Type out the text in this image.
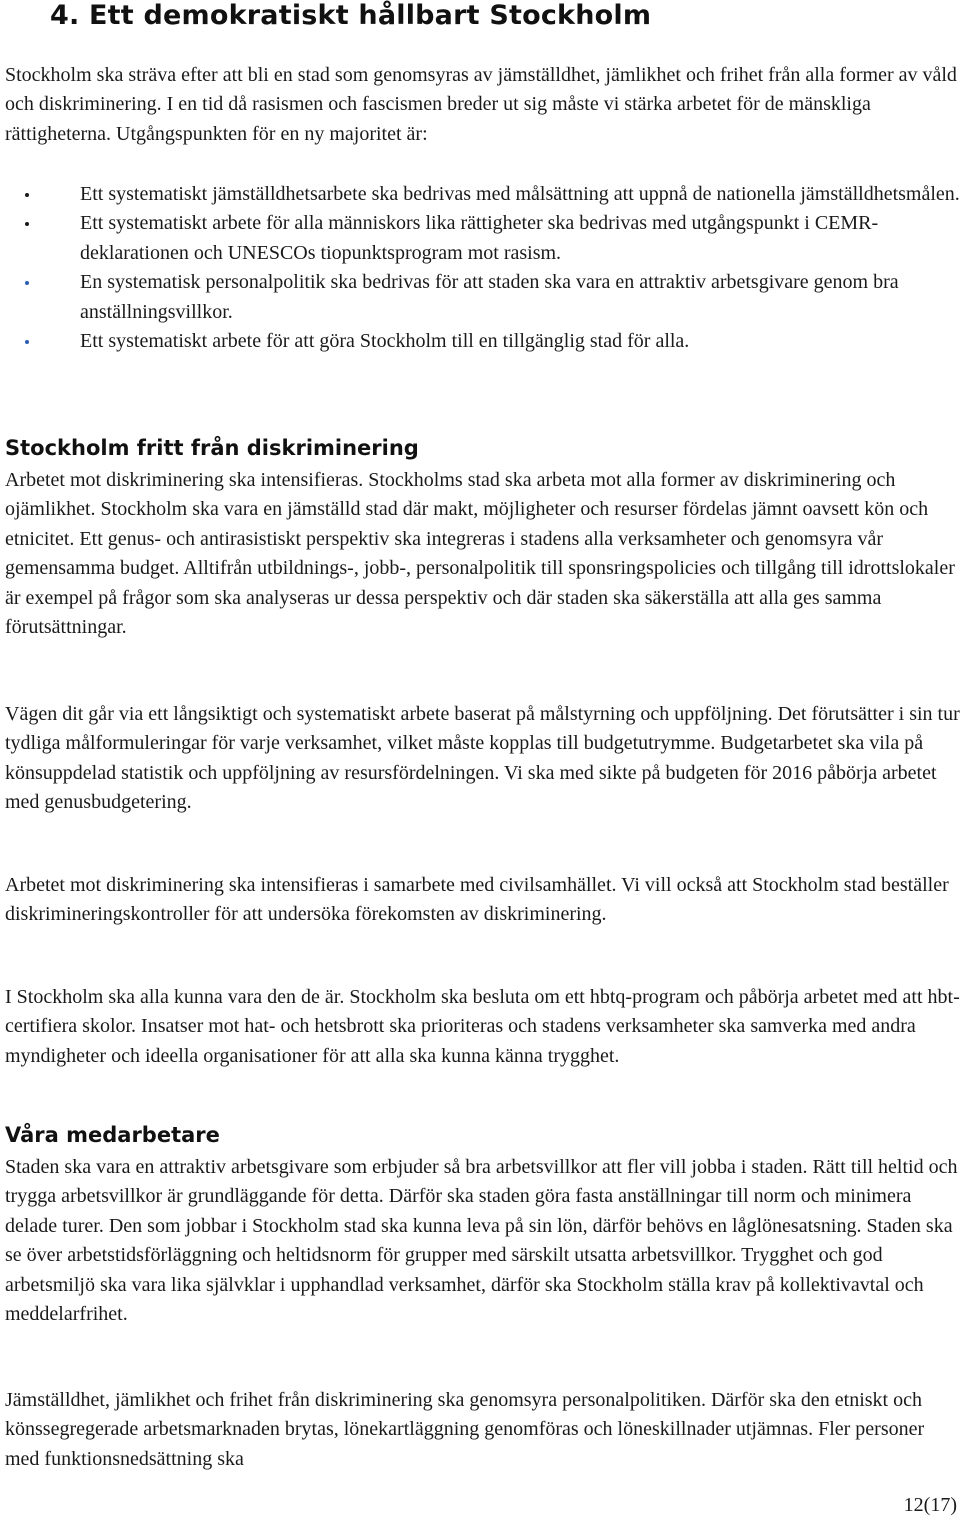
4. Ett demokratiskt hållbart Stockholm

Stockholm ska sträva efter att bli en stad som genomsyras av jämställdhet, jämlikhet och frihet från alla former av våld och diskriminering. I en tid då rasismen och fascismen breder ut sig måste vi stärka arbetet för de mänskliga rättigheterna. Utgångspunkten för en ny majoritet är:

Ett systematiskt jämställdhetsarbete ska bedrivas med målsättning att uppnå de nationella jämställdhetsmålen.
Ett systematiskt arbete för alla människors lika rättigheter ska bedrivas med utgångspunkt i CEMR-deklarationen och UNESCOs tiopunktsprogram mot rasism.
En systematisk personalpolitik ska bedrivas för att staden ska vara en attraktiv arbetsgivare genom bra anställningsvillkor.
Ett systematiskt arbete för att göra Stockholm till en tillgänglig stad för alla.
Stockholm fritt från diskriminering

Arbetet mot diskriminering ska intensifieras. Stockholms stad ska arbeta mot alla former av diskriminering och ojämlikhet. Stockholm ska vara en jämställd stad där makt, möjligheter och resurser fördelas jämnt oavsett kön och etnicitet. Ett genus- och antirasistiskt perspektiv ska integreras i stadens alla verksamheter och genomsyra vår gemensamma budget. Alltifrån utbildnings-, jobb-, personalpolitik till sponsringspolicies och tillgång till idrottslokaler är exempel på frågor som ska analyseras ur dessa perspektiv och där staden ska säkerställa att alla ges samma förutsättningar.

Vägen dit går via ett långsiktigt och systematiskt arbete baserat på målstyrning och uppföljning. Det förutsätter i sin tur tydliga målformuleringar för varje verksamhet, vilket måste kopplas till budgetutrymme. Budgetarbetet ska vila på könsuppdelad statistik och uppföljning av resursfördelningen. Vi ska med sikte på budgeten för 2016 påbörja arbetet med genusbudgetering.

Arbetet mot diskriminering ska intensifieras i samarbete med civilsamhället. Vi vill också att Stockholm stad beställer diskrimineringskontroller för att undersöka förekomsten av diskriminering.

I Stockholm ska alla kunna vara den de är. Stockholm ska besluta om ett hbtq-program och påbörja arbetet med att hbt-certifiera skolor. Insatser mot hat- och hetsbrott ska prioriteras och stadens verksamheter ska samverka med andra myndigheter och ideella organisationer för att alla ska kunna känna trygghet.

Våra medarbetare

Staden ska vara en attraktiv arbetsgivare som erbjuder så bra arbetsvillkor att fler vill jobba i staden. Rätt till heltid och trygga arbetsvillkor är grundläggande för detta. Därför ska staden göra fasta anställningar till norm och minimera delade turer. Den som jobbar i Stockholm stad ska kunna leva på sin lön, därför behövs en låglönesatsning. Staden ska se över arbetstidsförläggning och heltidsnorm för grupper med särskilt utsatta arbetsvillkor. Trygghet och god arbetsmiljö ska vara lika självklar i upphandlad verksamhet, därför ska Stockholm ställa krav på kollektivavtal och meddelarfrihet.

Jämställdhet, jämlikhet och frihet från diskriminering ska genomsyra personalpolitiken. Därför ska den etniskt och könssegregerade arbetsmarknaden brytas, lönekartläggning genomföras och löneskillnader utjämnas. Fler personer med funktionsnedsättning ska

12(17)
